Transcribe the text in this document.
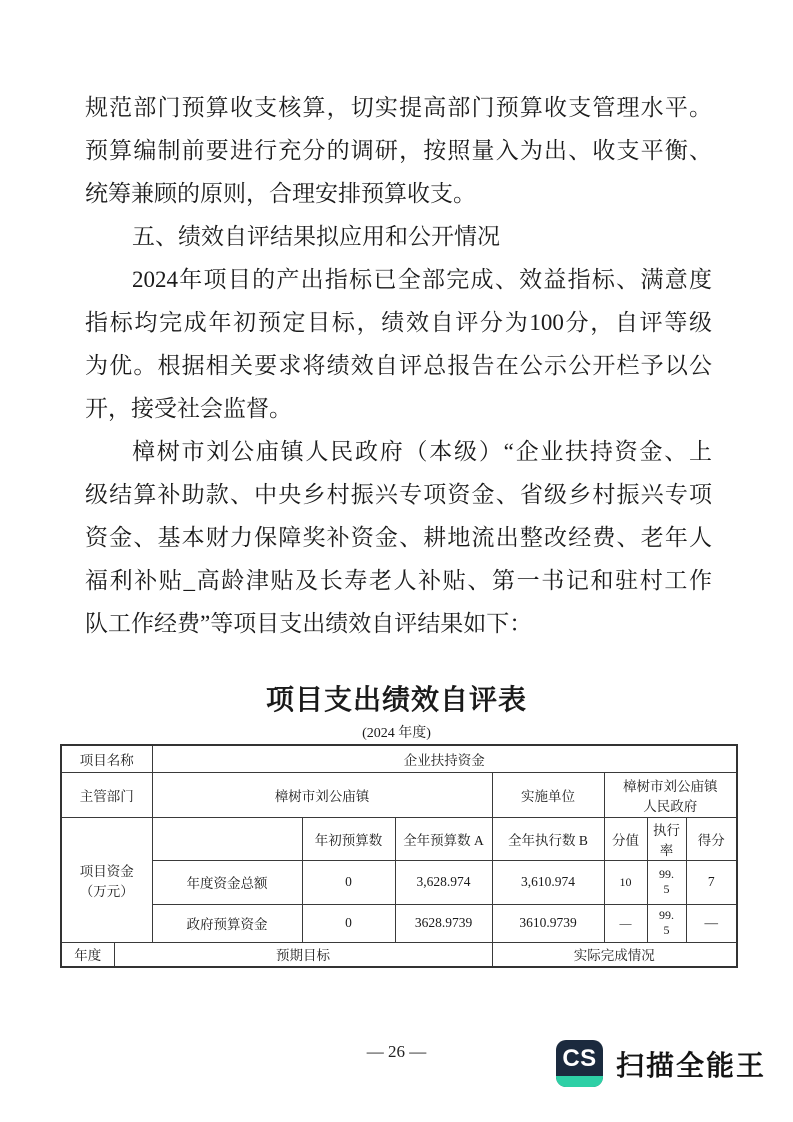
规范部门预算收支核算，切实提高部门预算收支管理水平。
预算编制前要进行充分的调研，按照量入为出、收支平衡、
统筹兼顾的原则，合理安排预算收支。
五、绩效自评结果拟应用和公开情况
2024年项目的产出指标已全部完成、效益指标、满意度
指标均完成年初预定目标，绩效自评分为100分，自评等级
为优。根据相关要求将绩效自评总报告在公示公开栏予以公
开，接受社会监督。
樟树市刘公庙镇人民政府（本级）“企业扶持资金、上
级结算补助款、中央乡村振兴专项资金、省级乡村振兴专项
资金、基本财力保障奖补资金、耕地流出整改经费、老年人
福利补贴_高龄津贴及长寿老人补贴、第一书记和驻村工作
队工作经费”等项目支出绩效自评结果如下：
项目支出绩效自评表
(2024 年度)
项目名称		企业扶持资金						
主管部门		樟树市刘公庙镇			实施单位	樟树市刘公庙镇人民政府		
项目资金（万元）			年初预算数	全年预算数 A	全年执行数 B	分值	执行率	得分
		年度资金总额	0	3,628.974	3,610.974	10	99.5	7
		政府预算资金	0	3628.9739	3610.9739	—	99.5	—
年度	预期目标				实际完成情况			
— 26 —	CS 扫描全能王
